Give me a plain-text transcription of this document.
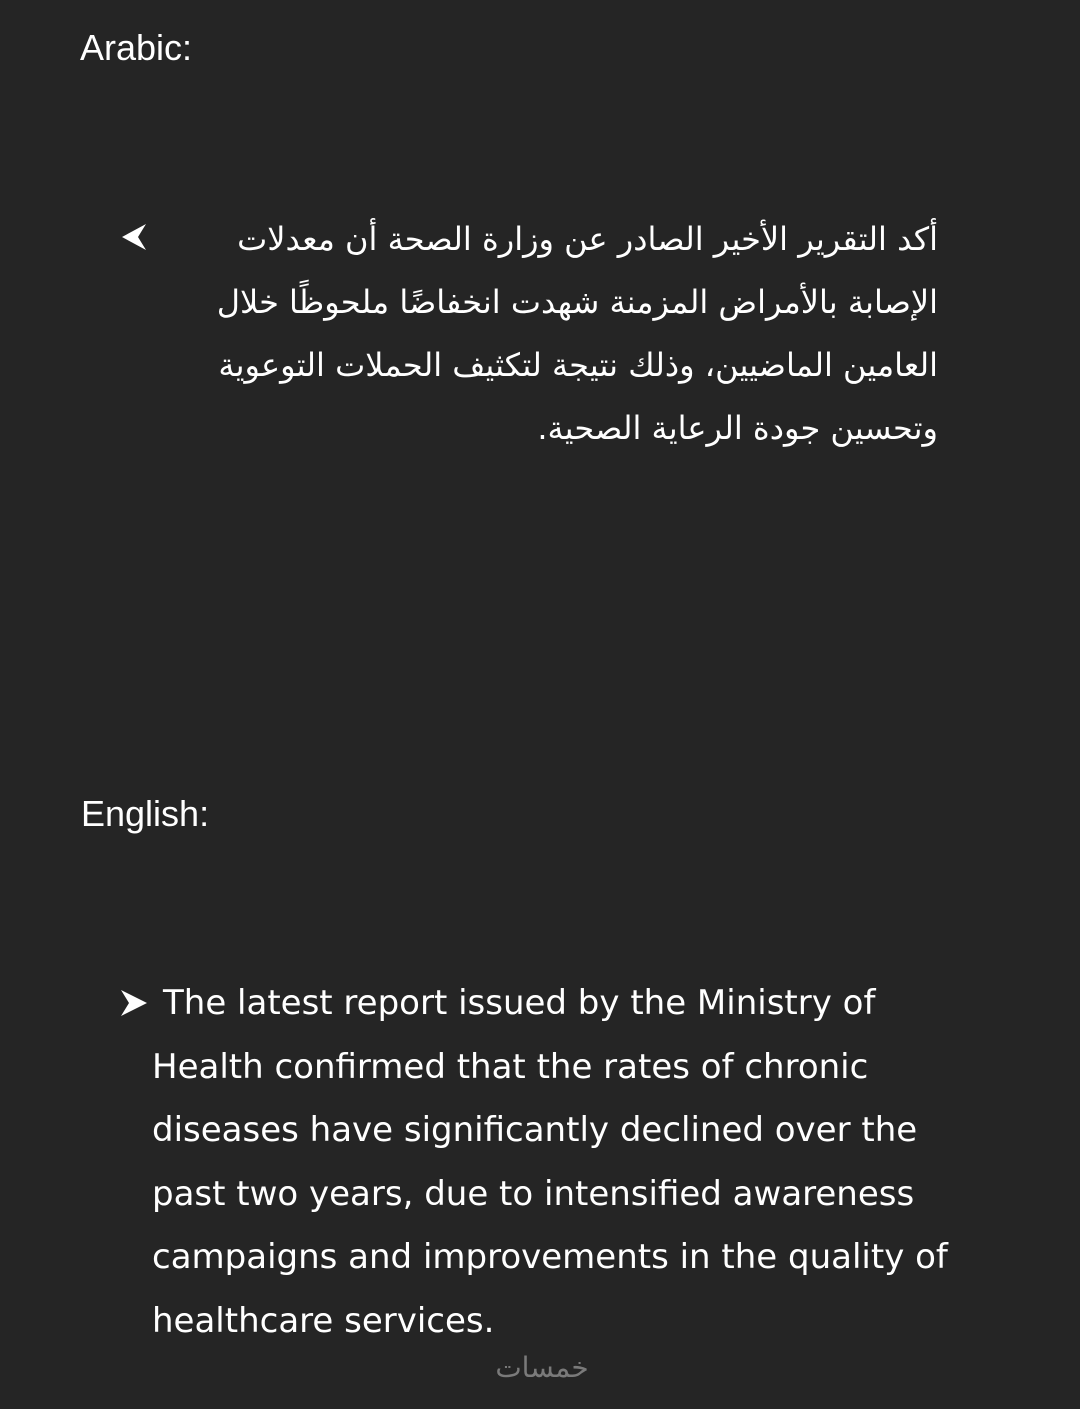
Arabic:

أكد التقرير الأخير الصادر عن وزارة الصحة أن معدلات الإصابة بالأمراض المزمنة شهدت انخفاضًا ملحوظًا خلال العامين الماضيين، وذلك نتيجة لتكثيف الحملات التوعوية وتحسين جودة الرعاية الصحية.

English:

The latest report issued by the Ministry of Health confirmed that the rates of chronic diseases have significantly declined over the past two years, due to intensified awareness campaigns and improvements in the quality of healthcare services.

خمسات
